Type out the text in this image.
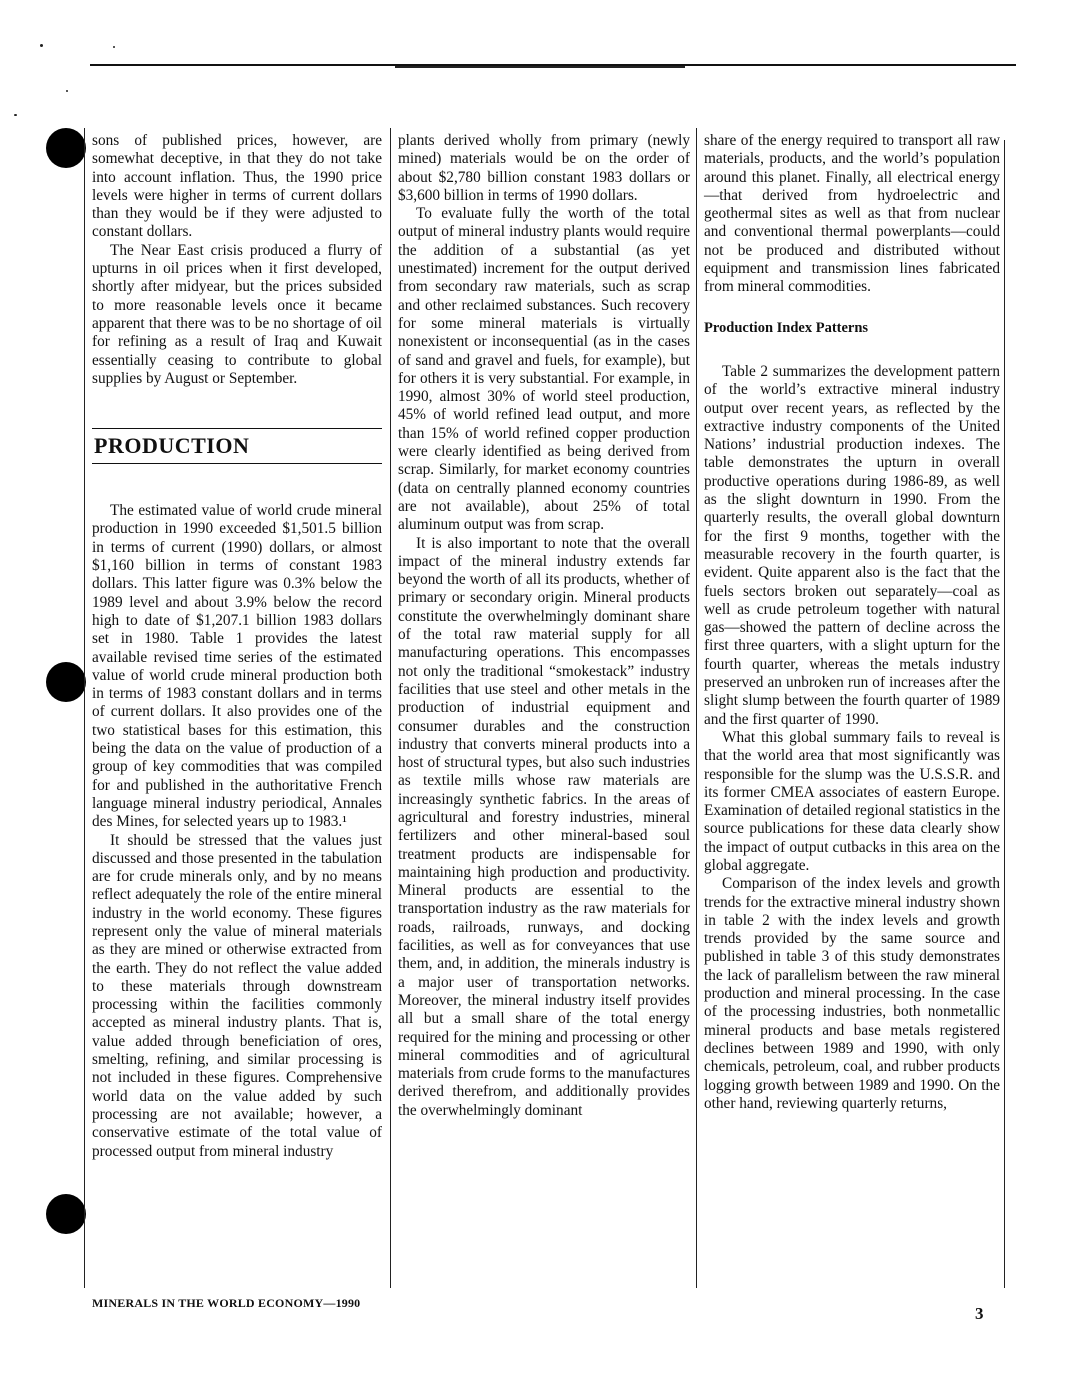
sons of published prices, however, are somewhat deceptive, in that they do not take into account inflation. Thus, the 1990 price levels were higher in terms of current dollars than they would be if they were adjusted to constant dollars.

The Near East crisis produced a flurry of upturns in oil prices when it first developed, shortly after midyear, but the prices subsided to more reasonable levels once it became apparent that there was to be no shortage of oil for refining as a result of Iraq and Kuwait essentially ceasing to contribute to global supplies by August or September.

PRODUCTION

The estimated value of world crude mineral production in 1990 exceeded $1,501.5 billion in terms of current (1990) dollars, or almost $1,160 billion in terms of constant 1983 dollars. This latter figure was 0.3% below the 1989 level and about 3.9% below the record high to date of $1,207.1 billion 1983 dollars set in 1980. Table 1 provides the latest available revised time series of the estimated value of world crude mineral production both in terms of 1983 constant dollars and in terms of current dollars. It also provides one of the two statistical bases for this estimation, this being the data on the value of production of a group of key commodities that was compiled for and published in the authoritative French language mineral industry periodical, Annales des Mines, for selected years up to 1983.¹

It should be stressed that the values just discussed and those presented in the tabulation are for crude minerals only, and by no means reflect adequately the role of the entire mineral industry in the world economy. These figures represent only the value of mineral materials as they are mined or otherwise extracted from the earth. They do not reflect the value added to these materials through downstream processing within the facilities commonly accepted as mineral industry plants. That is, value added through beneficiation of ores, smelting, refining, and similar processing is not included in these figures. Comprehensive world data on the value added by such processing are not available; however, a conservative estimate of the total value of processed output from mineral industry

plants derived wholly from primary (newly mined) materials would be on the order of about $2,780 billion constant 1983 dollars or $3,600 billion in terms of 1990 dollars.

To evaluate fully the worth of the total output of mineral industry plants would require the addition of a substantial (as yet unestimated) increment for the output derived from secondary raw materials, such as scrap and other reclaimed substances. Such recovery for some mineral materials is virtually nonexistent or inconsequential (as in the cases of sand and gravel and fuels, for example), but for others it is very substantial. For example, in 1990, almost 30% of world steel production, 45% of world refined lead output, and more than 15% of world refined copper production were clearly identified as being derived from scrap. Similarly, for market economy countries (data on centrally planned economy countries are not available), about 25% of total aluminum output was from scrap.

It is also important to note that the overall impact of the mineral industry extends far beyond the worth of all its products, whether of primary or secondary origin. Mineral products constitute the overwhelmingly dominant share of the total raw material supply for all manufacturing operations. This encompasses not only the traditional “smokestack” industry facilities that use steel and other metals in the production of industrial equipment and consumer durables and the construction industry that converts mineral products into a host of structural types, but also such industries as textile mills whose raw materials are increasingly synthetic fabrics. In the areas of agricultural and forestry industries, mineral fertilizers and other mineral-based soul treatment products are indispensable for maintaining high production and productivity. Mineral products are essential to the transportation industry as the raw materials for roads, railroads, runways, and docking facilities, as well as for conveyances that use them, and, in addition, the minerals industry is a major user of transportation networks. Moreover, the mineral industry itself provides all but a small share of the total energy required for the mining and processing or other mineral commodities and of agricultural materials from crude forms to the manufactures derived therefrom, and additionally provides the overwhelmingly dominant

share of the energy required to transport all raw materials, products, and the world’s population around this planet. Finally, all electrical energy—that derived from hydroelectric and geothermal sites as well as that from nuclear and conventional thermal powerplants—could not be produced and distributed without equipment and transmission lines fabricated from mineral commodities.

Production Index Patterns

Table 2 summarizes the development pattern of the world’s extractive mineral industry output over recent years, as reflected by the extractive industry components of the United Nations’ industrial production indexes. The table demonstrates the upturn in overall productive operations during 1986-89, as well as the slight downturn in 1990. From the quarterly results, the overall global downturn for the first 9 months, together with the measurable recovery in the fourth quarter, is evident. Quite apparent also is the fact that the fuels sectors broken out separately—coal as well as crude petroleum together with natural gas—showed the pattern of decline across the first three quarters, with a slight upturn for the fourth quarter, whereas the metals industry preserved an unbroken run of increases after the slight slump between the fourth quarter of 1989 and the first quarter of 1990.

What this global summary fails to reveal is that the world area that most significantly was responsible for the slump was the U.S.S.R. and its former CMEA associates of eastern Europe. Examination of detailed regional statistics in the source publications for these data clearly show the impact of output cutbacks in this area on the global aggregate.

Comparison of the index levels and growth trends for the extractive mineral industry shown in table 2 with the index levels and growth trends provided by the same source and published in table 3 of this study demonstrates the lack of parallelism between the raw mineral production and mineral processing. In the case of the processing industries, both nonmetallic mineral products and base metals registered declines between 1989 and 1990, with only chemicals, petroleum, coal, and rubber products logging growth between 1989 and 1990. On the other hand, reviewing quarterly returns,

MINERALS IN THE WORLD ECONOMY—1990
3
